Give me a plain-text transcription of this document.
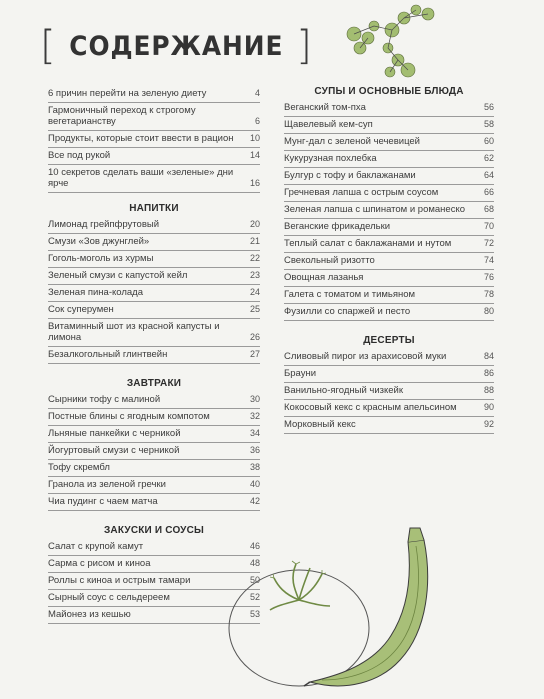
[ СОДЕРЖАНИЕ ]
6 причин перейти на зеленую диету	4
Гармоничный переход к строгому вегетарианству	6
Продукты, которые стоит ввести в рацион	10
Все под рукой	14
10 секретов сделать ваши «зеленые» дни ярче	16
НАПИТКИ
Лимонад грейпфрутовый	20
Смузи «Зов джунглей»	21
Гоголь-моголь из хурмы	22
Зеленый смузи с капустой кейл	23
Зеленая пина-колада	24
Сок суперумен	25
Витаминный шот из красной капусты и лимона	26
Безалкогольный глинтвейн	27
ЗАВТРАКИ
Сырники тофу с малиной	30
Постные блины с ягодным компотом	32
Льняные панкейки с черникой	34
Йогуртовый смузи с черникой	36
Тофу скрембл	38
Гранола из зеленой гречки	40
Чиа пудинг с чаем матча	42
ЗАКУСКИ И СОУСЫ
Салат с крупой камут	46
Сарма с рисом и киноа	48
Роллы с киноа и острым тамари	50
Сырный соус с сельдереем	52
Майонез из кешью	53
СУПЫ И ОСНОВНЫЕ БЛЮДА
Веганский том-пха	56
Щавелевый кем-суп	58
Мунг-дал с зеленой чечевицей	60
Кукурузная похлебка	62
Булгур с тофу и баклажанами	64
Гречневая лапша с острым соусом	66
Зеленая лапша с шпинатом и романеско	68
Веганские фрикадельки	70
Теплый салат с баклажанами и нутом	72
Свекольный ризотто	74
Овощная лазанья	76
Галета с томатом и тимьяном	78
Фузилли со спаржей и песто	80
ДЕСЕРТЫ
Сливовый пирог из арахисовой муки	84
Брауни	86
Ванильно-ягодный чизкейк	88
Кокосовый кекс с красным апельсином	90
Морковный кекс	92
